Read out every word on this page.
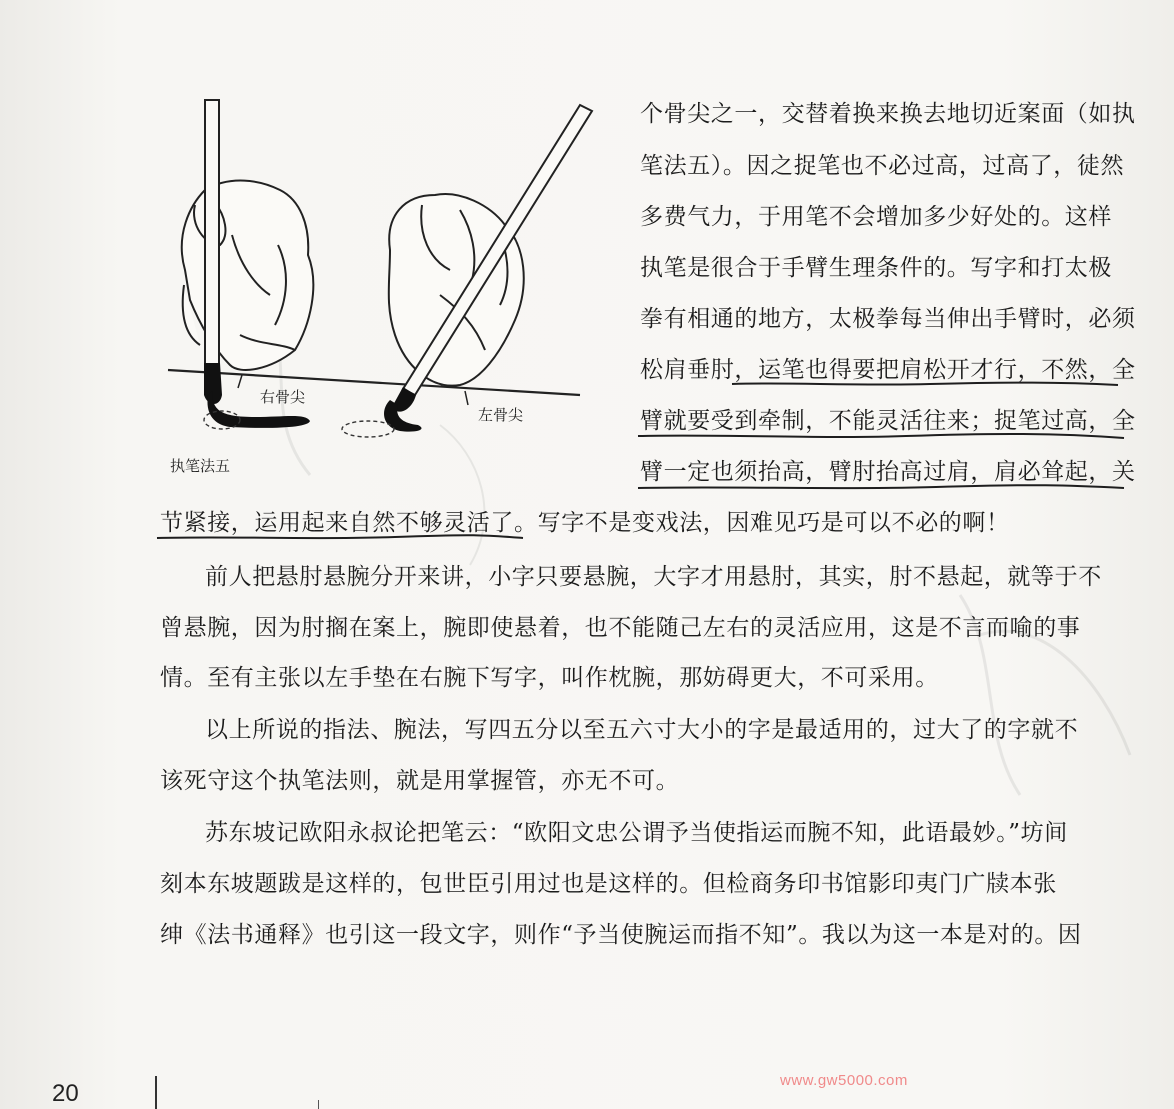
右骨尖
左骨尖
执笔法五
个骨尖之一，交替着换来换去地切近案面（如执
笔法五）。因之捉笔也不必过高，过高了，徒然
多费气力，于用笔不会增加多少好处的。这样
执笔是很合于手臂生理条件的。写字和打太极
拳有相通的地方，太极拳每当伸出手臂时，必须
松肩垂肘，运笔也得要把肩松开才行，不然，全
臂就要受到牵制，不能灵活往来；捉笔过高，全
臂一定也须抬高，臂肘抬高过肩，肩必耸起，关
节紧接，运用起来自然不够灵活了。写字不是变戏法，因难见巧是可以不必的啊！
前人把悬肘悬腕分开来讲，小字只要悬腕，大字才用悬肘，其实，肘不悬起，就等于不
曾悬腕，因为肘搁在案上，腕即使悬着，也不能随己左右的灵活应用，这是不言而喻的事
情。至有主张以左手垫在右腕下写字，叫作枕腕，那妨碍更大，不可采用。
以上所说的指法、腕法，写四五分以至五六寸大小的字是最适用的，过大了的字就不
该死守这个执笔法则，就是用掌握管，亦无不可。
苏东坡记欧阳永叔论把笔云：“欧阳文忠公谓予当使指运而腕不知，此语最妙。”坊间
刻本东坡题跋是这样的，包世臣引用过也是这样的。但检商务印书馆影印夷门广牍本张
绅《法书通释》也引这一段文字，则作“予当使腕运而指不知”。我以为这一本是对的。因
20	www.gw5000.com
